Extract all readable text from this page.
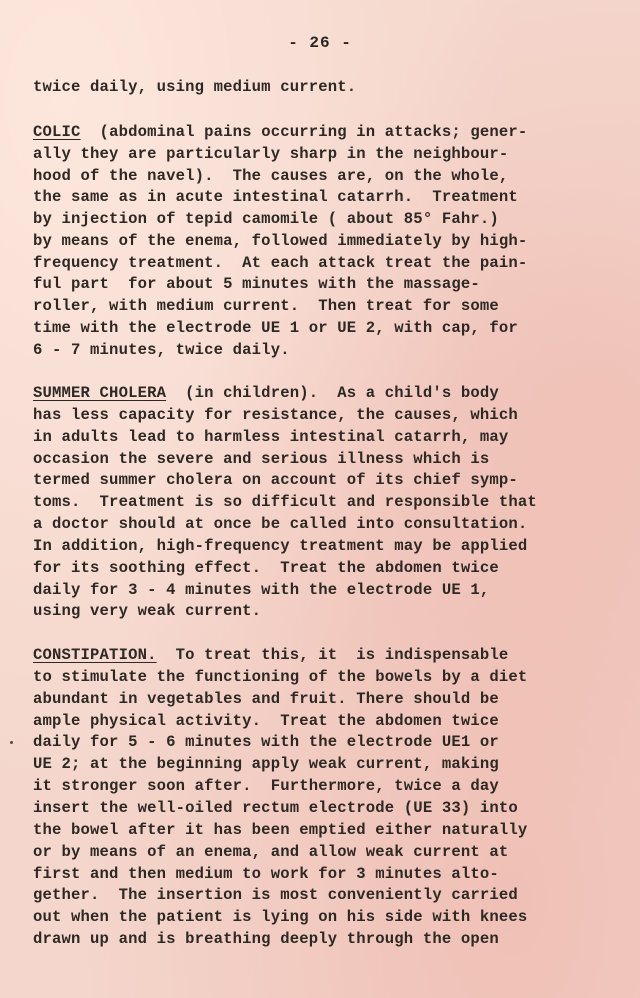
- 26 -
twice daily, using medium current.
COLIC  (abdominal pains occurring in attacks; gener-
ally they are particularly sharp in the neighbour-
hood of the navel).  The causes are, on the whole,
the same as in acute intestinal catarrh.  Treatment
by injection of tepid camomile ( about 85° Fahr.)
by means of the enema, followed immediately by high-
frequency treatment.  At each attack treat the pain-
ful part  for about 5 minutes with the massage-
roller, with medium current.  Then treat for some
time with the electrode UE 1 or UE 2, with cap, for
6 - 7 minutes, twice daily.
SUMMER CHOLERA  (in children).  As a child's body
has less capacity for resistance, the causes, which
in adults lead to harmless intestinal catarrh, may
occasion the severe and serious illness which is
termed summer cholera on account of its chief symp-
toms.  Treatment is so difficult and responsible that
a doctor should at once be called into consultation.
In addition, high-frequency treatment may be applied
for its soothing effect.  Treat the abdomen twice
daily for 3 - 4 minutes with the electrode UE 1,
using very weak current.
CONSTIPATION.  To treat this, it  is indispensable
to stimulate the functioning of the bowels by a diet
abundant in vegetables and fruit. There should be
ample physical activity.  Treat the abdomen twice
daily for 5 - 6 minutes with the electrode UE1 or
UE 2; at the beginning apply weak current, making
it stronger soon after.  Furthermore, twice a day
insert the well-oiled rectum electrode (UE 33) into
the bowel after it has been emptied either naturally
or by means of an enema, and allow weak current at
first and then medium to work for 3 minutes alto-
gether.  The insertion is most conveniently carried
out when the patient is lying on his side with knees
drawn up and is breathing deeply through the open
